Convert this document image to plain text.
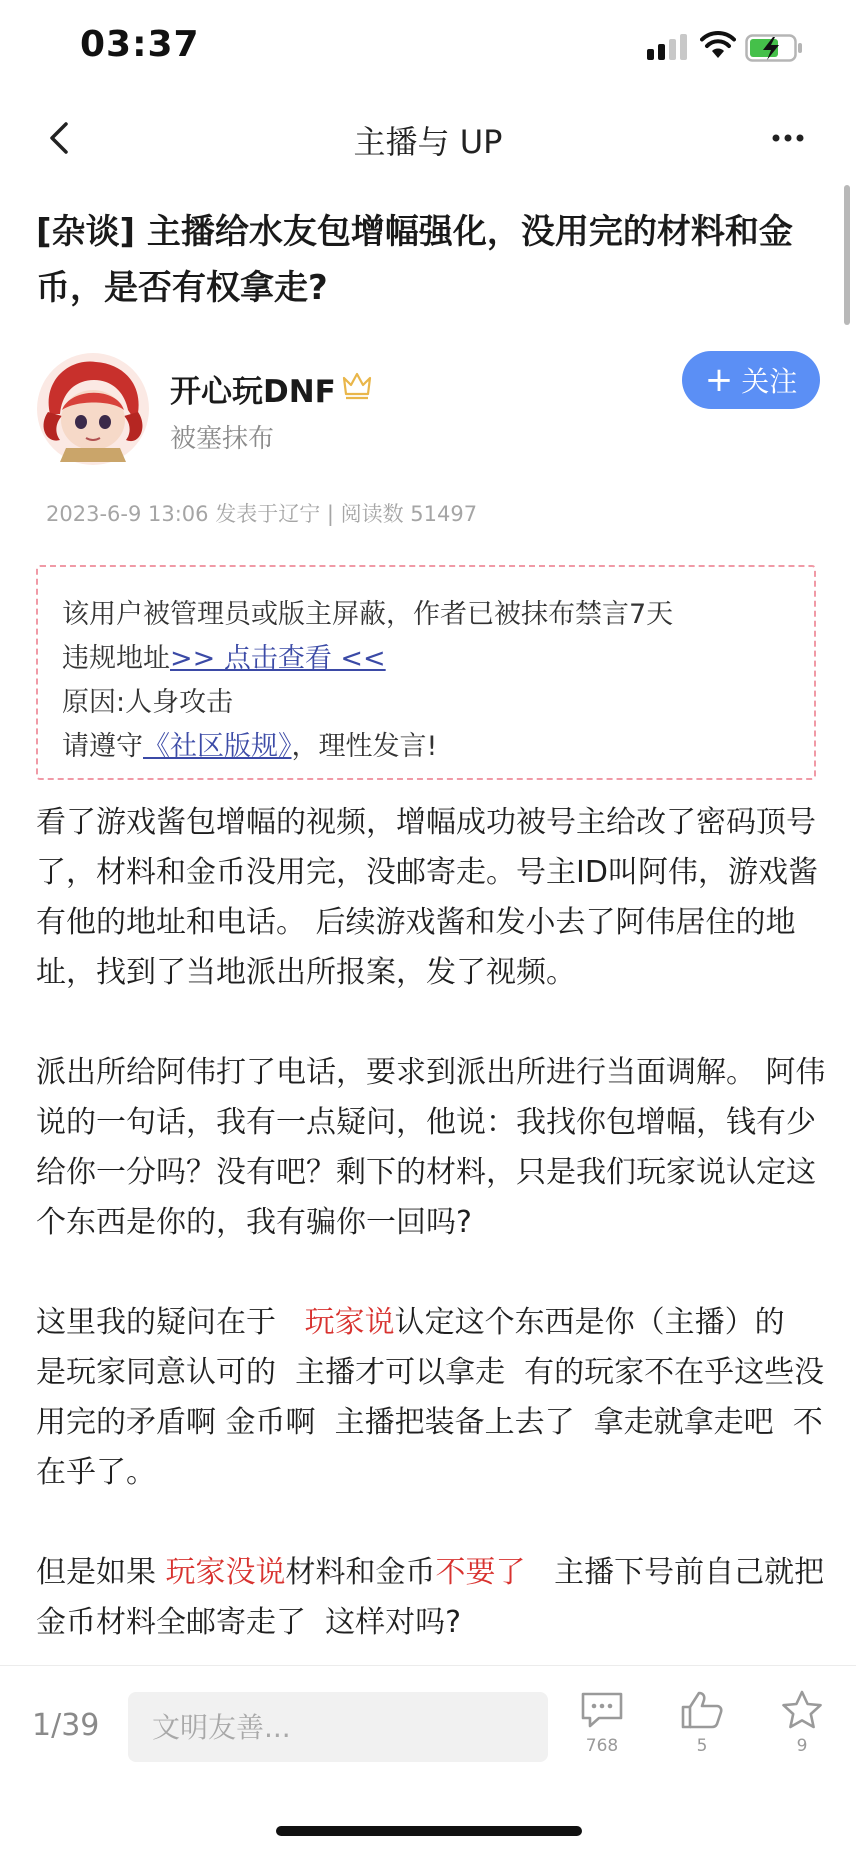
03:37
主播与 UP
[杂谈] 主播给水友包增幅强化，没用完的材料和金币，是否有权拿走?
开心玩DNF
被塞抹布
+ 关注
2023-6-9 13:06 发表于辽宁 | 阅读数 51497
该用户被管理员或版主屏蔽，作者已被抹布禁言7天
违规地址>> 点击查看 <<
原因:人身攻击
请遵守《社区版规》，理性发言!

看了游戏酱包增幅的视频，增幅成功被号主给改了密码顶号了，材料和金币没用完，没邮寄走。号主ID叫阿伟，游戏酱有他的地址和电话。 后续游戏酱和发小去了阿伟居住的地址，找到了当地派出所报案，发了视频。

派出所给阿伟打了电话，要求到派出所进行当面调解。 阿伟说的一句话，我有一点疑问，他说：我找你包增幅，钱有少给你一分吗？没有吧？剩下的材料，只是我们玩家说认定这个东西是你的，我有骗你一回吗?

这里我的疑问在于   玩家说认定这个东西是你（主播）的  是玩家同意认可的  主播才可以拿走  有的玩家不在乎这些没用完的矛盾啊 金币啊  主播把装备上去了  拿走就拿走吧  不在乎了。

但是如果 玩家没说材料和金币不要了   主播下号前自己就把金币材料全邮寄走了  这样对吗?

1/39
文明友善...
768	5	9
